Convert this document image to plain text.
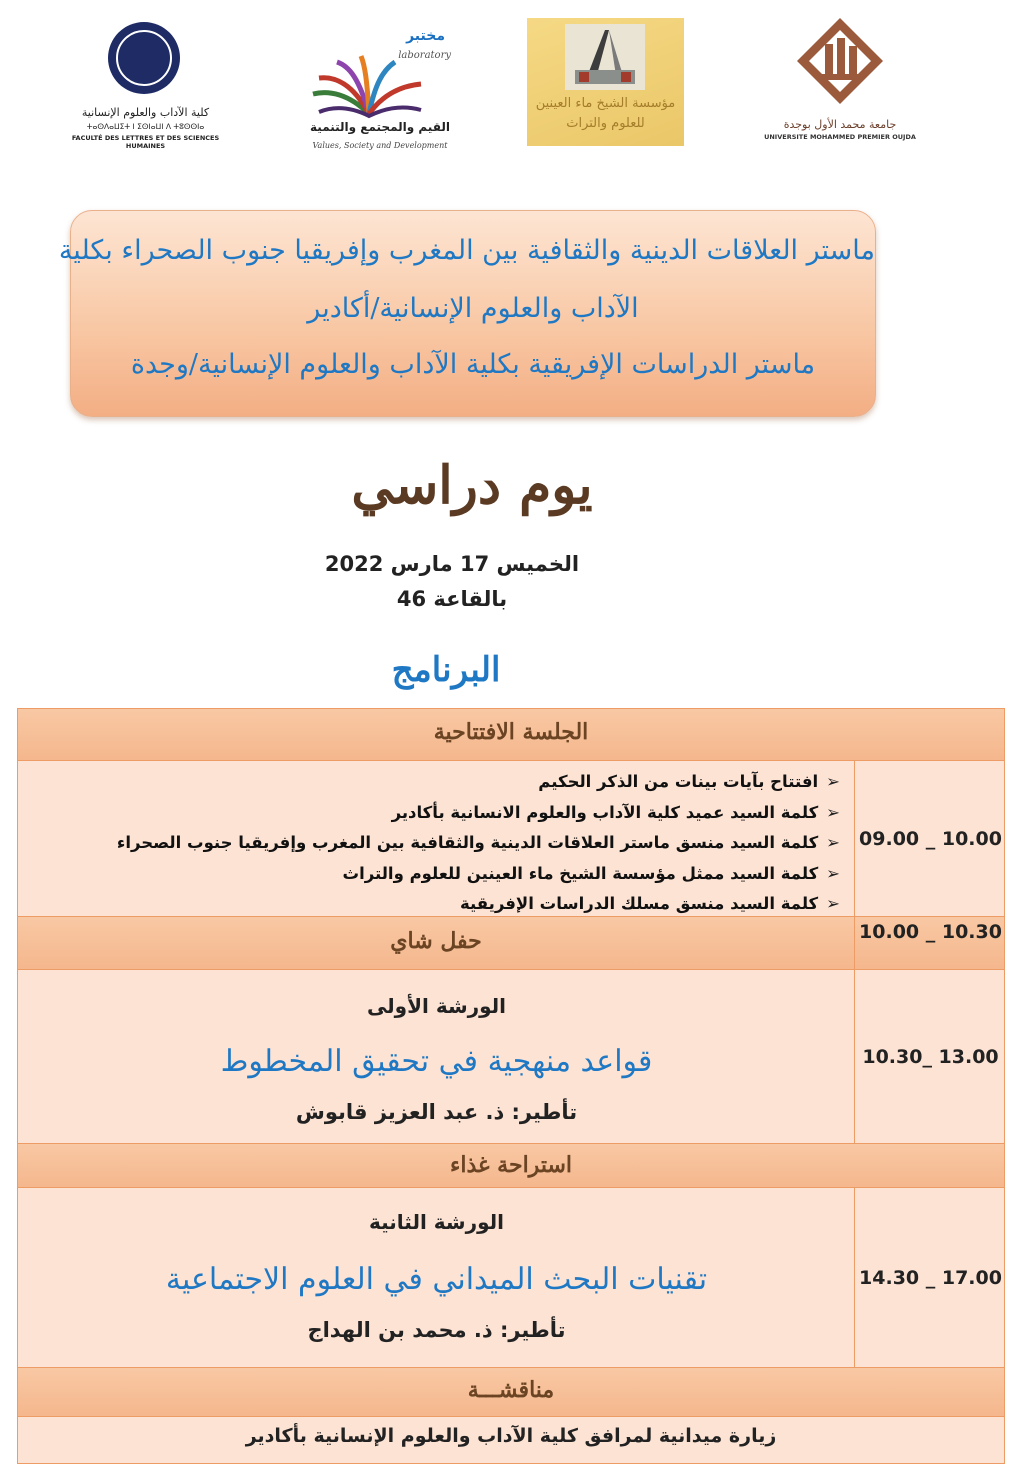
جامعة محمد الأول بوجدة
UNIVERSITE MOHAMMED PREMIER OUJDA
مؤسسة الشيخ ماء العينين
للعلوم والتراث
مختبر
laboratory
القيم والمجتمع والتنمية
Values, Society and Development
كلية الآداب والعلوم الإنسانية
ⵜⴰⵙⴷⴰⵡⵉⵜ ⵏ ⵉⵙⵏⴰⵡⵏ ⴷ ⵜⵓⵙⵙⵏⴰ
FACULTÉ DES LETTRES ET DES SCIENCES HUMAINES
ماستر العلاقات الدينية والثقافية بين المغرب وإفريقيا جنوب الصحراء بكلية
الآداب والعلوم الإنسانية/أكادير
ماستر الدراسات الإفريقية بكلية الآداب والعلوم الإنسانية/وجدة
يوم دراسي
الخميس 17 مارس 2022
بالقاعة 46
البرنامج
الجلسة الافتتاحية
➢افتتاح بآيات بينات من الذكر الحكيم
➢كلمة السيد عميد كلية الآداب والعلوم الانسانية بأكادير
➢كلمة السيد منسق ماستر العلاقات الدينية والثقافية بين المغرب وإفريقيا جنوب الصحراء
➢كلمة السيد ممثل مؤسسة الشيخ ماء العينين للعلوم والتراث
➢كلمة السيد منسق مسلك الدراسات الإفريقية
09.00 _ 10.00
حفل شاي	10.00 _ 10.30
الورشة الأولى
قواعد منهجية في تحقيق المخطوط
تأطير: ذ. عبد العزيز قابوش
10.30_ 13.00
استراحة غذاء
الورشة الثانية
تقنيات البحث الميداني في العلوم الاجتماعية
تأطير: ذ. محمد بن الهداج
14.30 _ 17.00
مناقشـــة
زيارة ميدانية لمرافق كلية الآداب والعلوم الإنسانية بأكادير
